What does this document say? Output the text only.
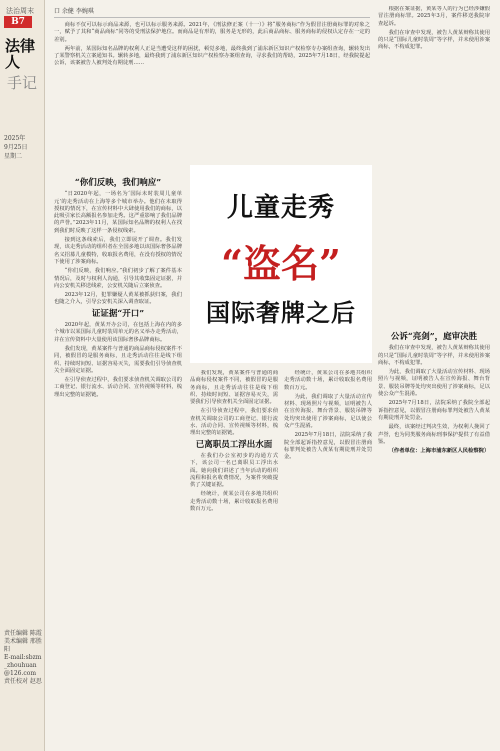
法治周末
B7
法律人
手记
2025年
9月25日
星期二
责任编辑 陈霞
美术编辑 邢胜阳
E-mail:sbzm_zhouhuan@126.com
责任校对 赵思
口 余健 李婉琪

商标不仅可以标示商品来源，也可以标示服务来源。2021年，《刑法修正案（十一）》将“服务商标”作为假冒注册商标罪的对象之一，赋予了其和“商品商标”同等的受刑法保护地位。而商品是有形的，服务是无形的，此后商品商标、服务商标的侵权认定存在一定的差别。

两年前，某国际知名品牌的权利人正是当遭受这样的困扰，顿觉多地，最终我到了浦东新区知识产权检察专办案组查询，辗转发出了某警察机关立案通知书。辗转多地，最终我到了浦东新区知识产权检察办案组查询，寻求我们的帮助，2025年7月18日，经我院提起公诉，该案被告人被判处有期徒刑……

根据在案证据，黄某等人的行为已经涉嫌假冒注册商标罪。2025年3月，案件移送我院审查起诉。

我们在审查中发现，被告人黄某辩称其使用的只是“国际儿童时装周”等字样，并未使用涉案商标，不构成犯罪。

儿童走秀
“盗名”
国际奢牌之后
“你们反映，我们响应”

“日2020年起，一场名为‘国际未时装周儿童单元’的走秀活动在上海等多个城市举办。他们在未取得授权的情况下，在宣传材料中大肆使用我们的商标，以此吸引家长高额报名参加走秀。这严重影响了我们品牌的声誉。”2023年11月，某国际知名品牌的权利人在找到我们时反映了这样一条侵权线索。

接到这条线索后，我们立即展开了调查。我们发现，该走秀活动的组织者在全国多地以该国际奢侈品牌名义招募儿童模特，收取报名费用，在没有授权的情况下使用了涉案商标。

“你们反映，我们响应。”我们初步了解了案件基本情况后，及时与权利人沟通，引导其收集固定证据，并向公安机关移送线索，公安机关随后立案侦查。

2023年12月，犯罪嫌疑人黄某被抓获归案，我们也随之介入，引导公安机关深入调查取证。

证证据“开口”

2020年起，黄某开办公司，在包括上海在内的多个城市以某国际儿童时装周单元的名义举办走秀活动，并在宣传资料中大量使用该国际奢侈品牌商标。

我们发现，黄某案件与普通的商品商标侵权案件不同，被假冒的是服务商标，且走秀活动往往是线下组织、持续时间短、证据容易灭失，需要我们引导侦查机关全面固定证据。

在引导侦查过程中，我们要求侦查机关调取公司的工商登记、银行流水、活动合同、宣传视频等材料，梳理出完整的证据链。

我们发现，黄某案件与普通的商品商标侵权案件不同，被假冒的是服务商标，且走秀活动往往是线下组织、持续时间短、证据容易灭失，需要我们引导侦查机关全面固定证据。

在引导侦查过程中，我们要求侦查机关调取公司的工商登记、银行流水、活动合同、宣传视频等材料，梳理出完整的证据链。

已离职员工浮出水面

在我们办公室初步的沟通方式下，该公司一名已离职员工浮出水面。她向我们讲述了当年活动的组织流程和报名收费情况，为案件突破提供了关键证据。

经统计，黄某公司在多地共组织走秀活动数十场，累计收取报名费用数百万元。

经统计，黄某公司在多地共组织走秀活动数十场，累计收取报名费用数百万元。

为此，我们调取了大量活动宣传材料、现场照片与视频，证明被告人在宣传海报、舞台背景、服装吊牌等处均突出使用了涉案商标，足以使公众产生混淆。

2025年7月18日，法院采纳了我院全部起诉指控意见，以假冒注册商标罪判处被告人黄某有期徒刑并处罚金。

公诉“亮剑”，庭审决胜

我们在审查中发现，被告人黄某辩称其使用的只是“国际儿童时装周”等字样，并未使用涉案商标，不构成犯罪。

为此，我们调取了大量活动宣传材料、现场照片与视频，证明被告人在宣传海报、舞台背景、服装吊牌等处均突出使用了涉案商标，足以使公众产生混淆。

2025年7月18日，法院采纳了我院全部起诉指控意见，以假冒注册商标罪判处被告人黄某有期徒刑并处罚金。

最终，该案经过判决生效，为权利人挽回了声誉，也为同类服务商标刑事保护提供了有益借鉴。

（作者单位：上海市浦东新区人民检察院）
